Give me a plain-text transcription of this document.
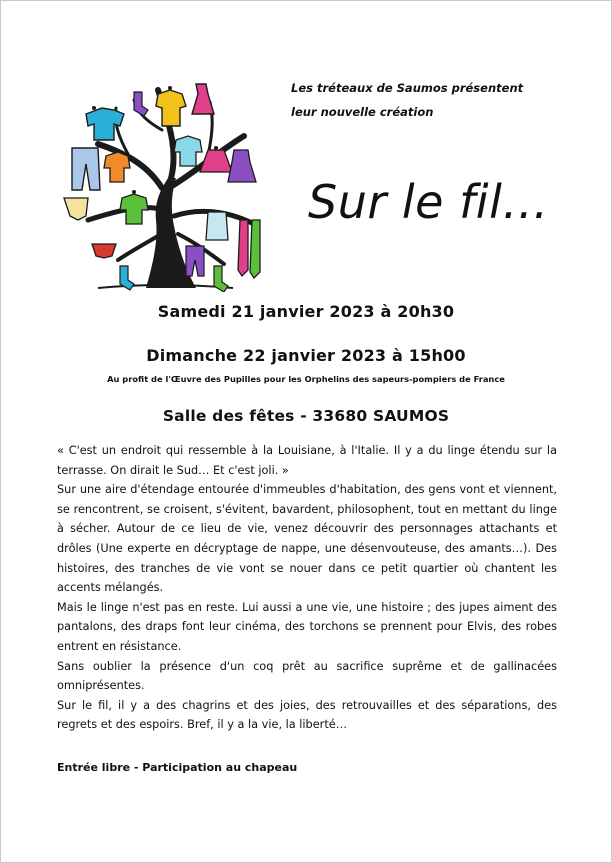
Les tréteaux de Saumos présentent leur nouvelle création
Sur le fil…
Samedi 21 janvier 2023 à 20h30
Dimanche 22 janvier 2023 à 15h00
Au profit de l'Œuvre des Pupilles pour les Orphelins des sapeurs-pompiers de France
Salle des fêtes - 33680 SAUMOS

« C'est un endroit qui ressemble à la Louisiane, à l'Italie. Il y a du linge étendu sur la terrasse. On dirait le Sud… Et c'est joli. »

Sur une aire d'étendage entourée d'immeubles d'habitation, des gens vont et viennent, se rencontrent, se croisent, s'évitent, bavardent, philosophent, tout en mettant du linge à sécher. Autour de ce lieu de vie, venez découvrir des personnages attachants et drôles (Une experte en décryptage de nappe, une désenvouteuse, des amants…). Des histoires, des tranches de vie vont se nouer dans ce petit quartier où chantent les accents mélangés.

Mais le linge n'est pas en reste. Lui aussi a une vie, une histoire ; des jupes aiment des pantalons, des draps font leur cinéma, des torchons se prennent pour Elvis, des robes entrent en résistance.

Sans oublier la présence d'un coq prêt au sacrifice suprême et de gallinacées omniprésentes.

Sur le fil, il y a des chagrins et des joies, des retrouvailles et des séparations, des regrets et des espoirs. Bref, il y a la vie, la liberté…

Entrée libre - Participation au chapeau
